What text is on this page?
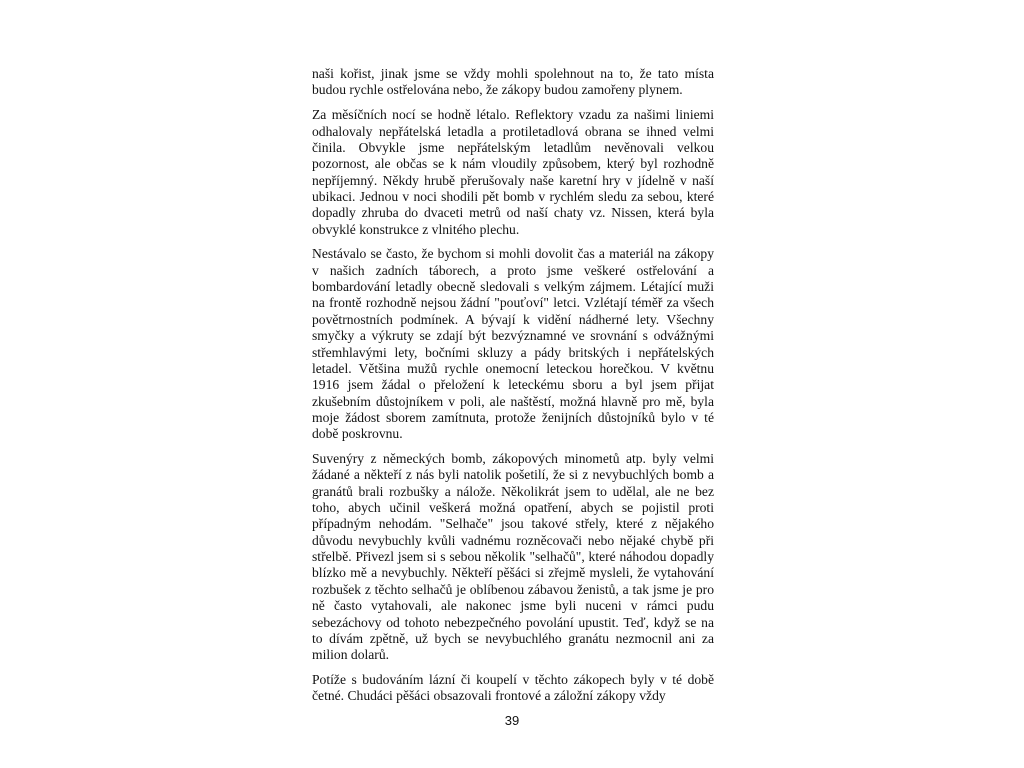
naši kořist, jinak jsme se vždy mohli spolehnout na to, že tato místa budou rychle ostřelována nebo, že zákopy budou zamořeny plynem.

Za měsíčních nocí se hodně létalo. Reflektory vzadu za našimi liniemi odhalovaly nepřátelská letadla a protiletadlová obrana se ihned velmi činila. Obvykle jsme nepřátelským letadlům nevěnovali velkou pozornost, ale občas se k nám vloudily způsobem, který byl rozhodně nepříjemný. Někdy hrubě přerušovaly naše karetní hry v jídelně v naší ubikaci. Jednou v noci shodili pět bomb v rychlém sledu za sebou, které dopadly zhruba do dvaceti metrů od naší chaty vz. Nissen, která byla obvyklé konstrukce z vlnitého plechu.

Nestávalo se často, že bychom si mohli dovolit čas a materiál na zákopy v našich zadních táborech, a proto jsme veškeré ostřelování a bombardování letadly obecně sledovali s velkým zájmem. Létající muži na frontě rozhodně nejsou žádní "pouťoví" letci. Vzlétají téměř za všech povětrnostních podmínek. A bývají k vidění nádherné lety. Všechny smyčky a výkruty se zdají být bezvýznamné ve srovnání s odvážnými střemhlavými lety, bočními skluzy a pády britských i nepřátelských letadel. Většina mužů rychle onemocní leteckou horečkou. V květnu 1916 jsem žádal o přeložení k leteckému sboru a byl jsem přijat zkušebním důstojníkem v poli, ale naštěstí, možná hlavně pro mě, byla moje žádost sborem zamítnuta, protože ženijních důstojníků bylo v té době poskrovnu.

Suvenýry z německých bomb, zákopových minometů atp. byly velmi žádané a někteří z nás byli natolik pošetilí, že si z nevybuchlých bomb a granátů brali rozbušky a nálože. Několikrát jsem to udělal, ale ne bez toho, abych učinil veškerá možná opatření, abych se pojistil proti případným nehodám. "Selhače" jsou takové střely, které z nějakého důvodu nevybuchly kvůli vadnému rozněcovači nebo nějaké chybě při střelbě. Přivezl jsem si s sebou několik "selhačů", které náhodou dopadly blízko mě a nevybuchly. Někteří pěšáci si zřejmě mysleli, že vytahování rozbušek z těchto selhačů je oblíbenou zábavou ženistů, a tak jsme je pro ně často vytahovali, ale nakonec jsme byli nuceni v rámci pudu sebezáchovy od tohoto nebezpečného povolání upustit. Teď, když se na to dívám zpětně, už bych se nevybuchlého granátu nezmocnil ani za milion dolarů.

Potíže s budováním lázní či koupelí v těchto zákopech byly v té době četné. Chudáci pěšáci obsazovali frontové a záložní zákopy vždy

39
